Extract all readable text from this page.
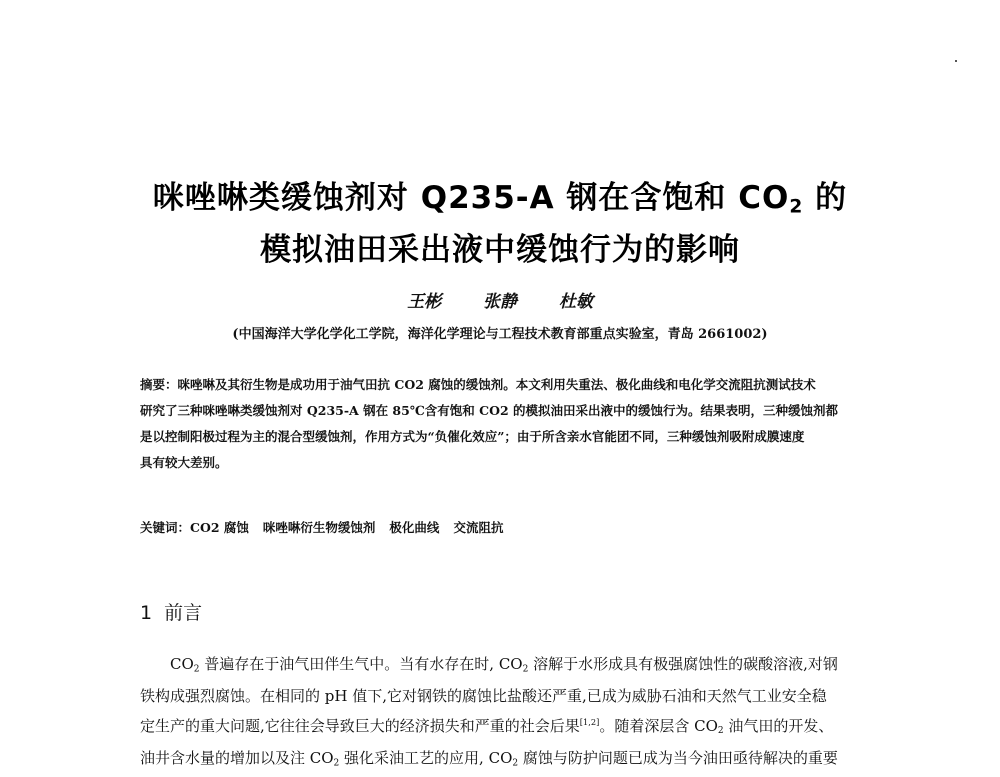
咪唑啉类缓蚀剂对 Q235-A 钢在含饱和 $CO_2$ 的
模拟油田采出液中缓蚀行为的影响
王彬 张静 杜敏
(中国海洋大学化学化工学院，海洋化学理论与工程技术教育部重点实验室，青岛 2661002)
摘要：咪唑啉及其衍生物是成功用于油气田抗 CO2 腐蚀的缓蚀剂。本文利用失重法、极化曲线和电化学交流阻抗测试技术
研究了三种咪唑啉类缓蚀剂对 Q235-A 钢在 85℃含有饱和 CO2 的模拟油田采出液中的缓蚀行为。结果表明，三种缓蚀剂都
是以控制阳极过程为主的混合型缓蚀剂，作用方式为“负催化效应”；由于所含亲水官能团不同，三种缓蚀剂吸附成膜速度
具有较大差别。
关键词：CO2 腐蚀 咪唑啉衍生物缓蚀剂 极化曲线 交流阻抗
1 前言
$CO_2$ 普遍存在于油气田伴生气中。当有水存在时, $CO_2$ 溶解于水形成具有极强腐蚀性的碳酸溶液,对钢
铁构成强烈腐蚀。在相同的 pH 值下,它对钢铁的腐蚀比盐酸还严重,已成为威胁石油和天然气工业安全稳
定生产的重大问题,它往往会导致巨大的经济损失和严重的社会后果[1,2]。随着深层含 $CO_2$ 油气田的开发、
油井含水量的增加以及注 $CO_2$ 强化采油工艺的应用, $CO_2$ 腐蚀与防护问题已成为当今油田亟待解决的重要
